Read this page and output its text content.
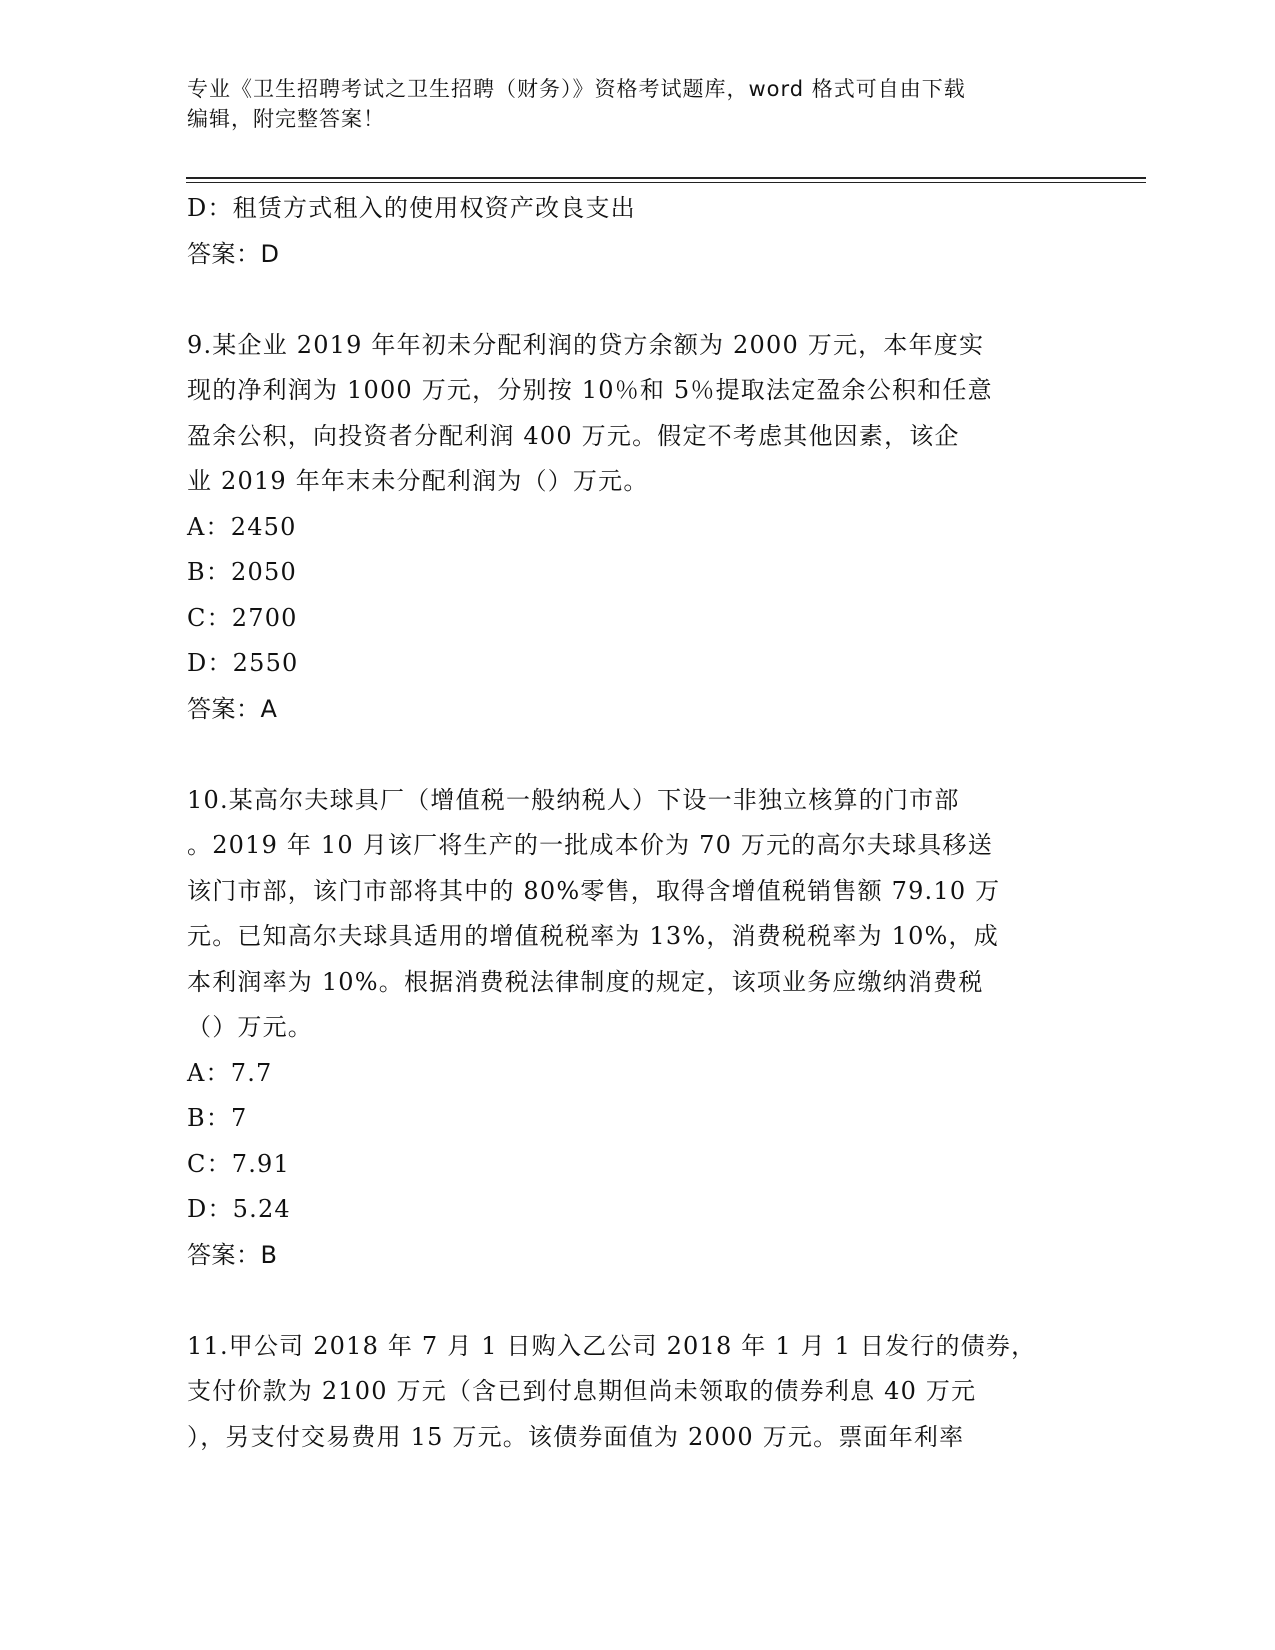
专业《卫生招聘考试之卫生招聘（财务）》资格考试题库，word 格式可自由下载

编辑，附完整答案！

D：租赁方式租入的使用权资产改良支出
答案：D
9.某企业 2019 年年初未分配利润的贷方余额为 2000 万元，本年度实
现的净利润为 1000 万元，分别按 10％和 5％提取法定盈余公积和任意
盈余公积，向投资者分配利润 400 万元。假定不考虑其他因素，该企
业 2019 年年末未分配利润为（）万元。
A：2450
B：2050
C：2700
D：2550
答案：A
10.某高尔夫球具厂（增值税一般纳税人）下设一非独立核算的门市部
。2019 年 10 月该厂将生产的一批成本价为 70 万元的高尔夫球具移送
该门市部，该门市部将其中的 80%零售，取得含增值税销售额 79.10 万
元。已知高尔夫球具适用的增值税税率为 13%，消费税税率为 10%，成
本利润率为 10%。根据消费税法律制度的规定，该项业务应缴纳消费税
（）万元。
A：7.7
B：7
C：7.91
D：5.24
答案：B
11.甲公司 2018 年 7 月 1 日购入乙公司 2018 年 1 月 1 日发行的债券，
支付价款为 2100 万元（含已到付息期但尚未领取的债券利息 40 万元
），另支付交易费用 15 万元。该债券面值为 2000 万元。票面年利率
